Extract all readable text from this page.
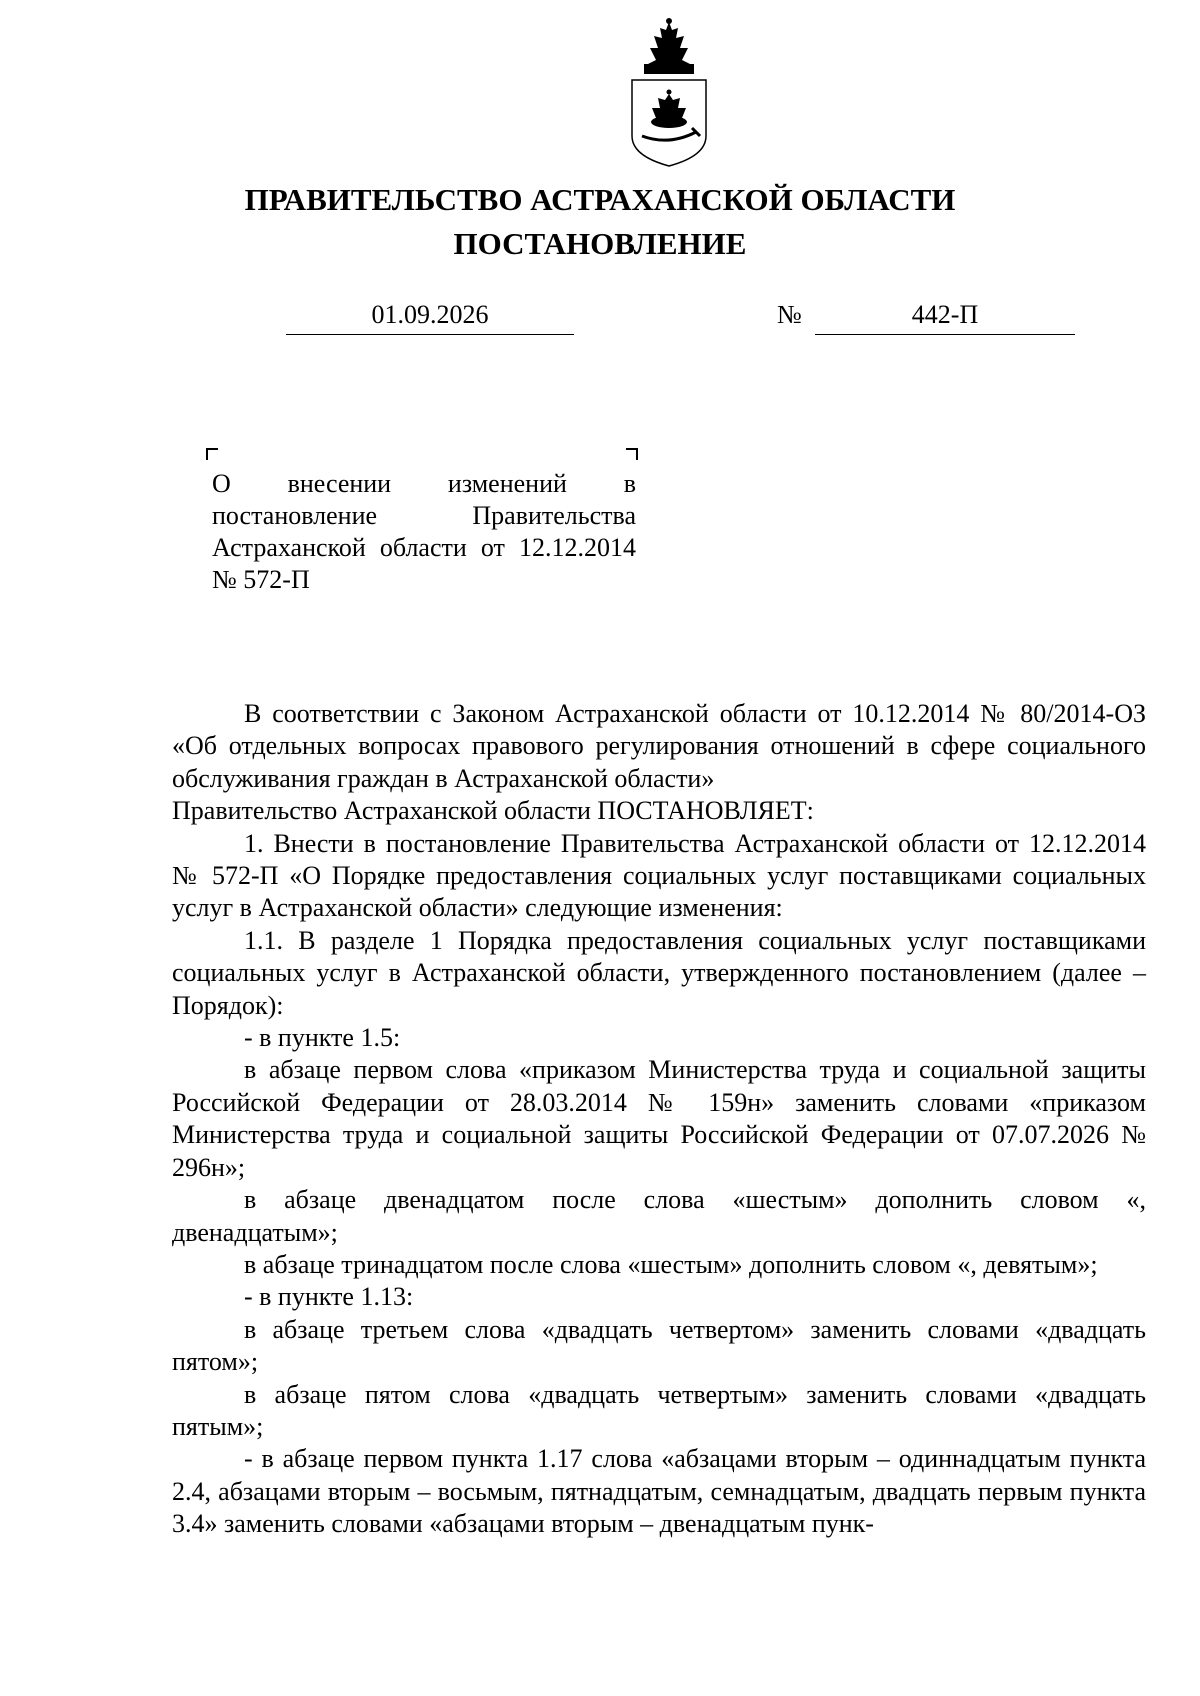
ПРАВИТЕЛЬСТВО АСТРАХАНСКОЙ ОБЛАСТИ
ПОСТАНОВЛЕНИЕ
01.09.2026	№	442-П
О внесении изменений в постановление Правительства Астраханской области от 12.12.2014 № 572-П

В соответствии с Законом Астраханской области от 10.12.2014 № 80/2014-ОЗ «Об отдельных вопросах правового регулирования отношений в сфере социального обслуживания граждан в Астраханской области»

Правительство Астраханской области ПОСТАНОВЛЯЕТ:

1. Внести в постановление Правительства Астраханской области от 12.12.2014 № 572-П «О Порядке предоставления социальных услуг поставщиками социальных услуг в Астраханской области» следующие изменения:

1.1. В разделе 1 Порядка предоставления социальных услуг поставщиками социальных услуг в Астраханской области, утвержденного постановлением (далее – Порядок):

- в пункте 1.5:

в абзаце первом слова «приказом Министерства труда и социальной защиты Российской Федерации от 28.03.2014 № 159н» заменить словами «приказом Министерства труда и социальной защиты Российской Федерации от 07.07.2026 № 296н»;

в абзаце двенадцатом после слова «шестым» дополнить словом «, двенадцатым»;

в абзаце тринадцатом после слова «шестым» дополнить словом «, девятым»;

- в пункте 1.13:

в абзаце третьем слова «двадцать четвертом» заменить словами «двадцать пятом»;

в абзаце пятом слова «двадцать четвертым» заменить словами «двадцать пятым»;

- в абзаце первом пункта 1.17 слова «абзацами вторым – одиннадцатым пункта 2.4, абзацами вторым – восьмым, пятнадцатым, семнадцатым, двадцать первым пункта 3.4» заменить словами «абзацами вторым – двенадцатым пунк-
